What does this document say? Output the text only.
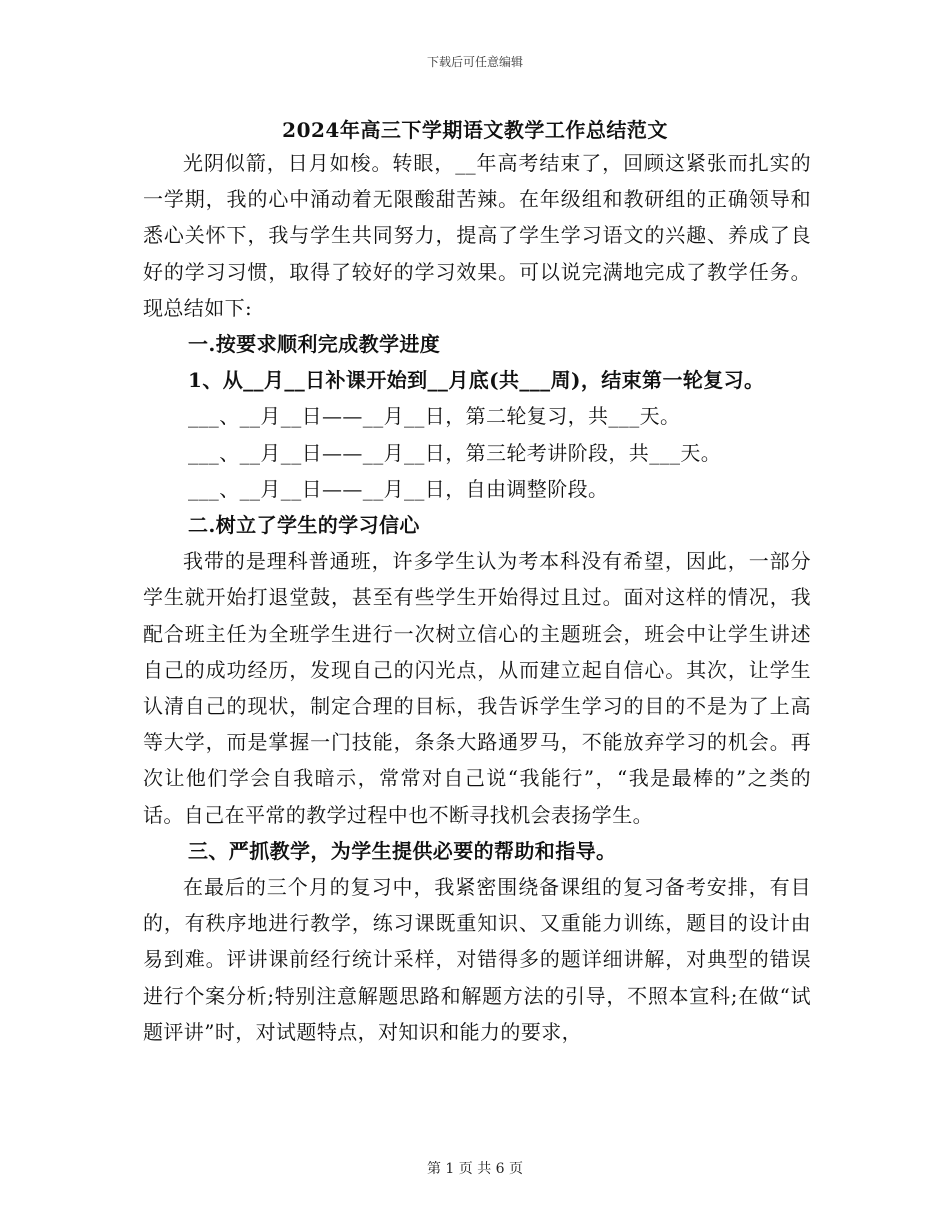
下载后可任意编辑
2024年高三下学期语文教学工作总结范文

光阴似箭，日月如梭。转眼，__年高考结束了，回顾这紧张而扎实的一学期，我的心中涌动着无限酸甜苦辣。在年级组和教研组的正确领导和悉心关怀下，我与学生共同努力，提高了学生学习语文的兴趣、养成了良好的学习习惯，取得了较好的学习效果。可以说完满地完成了教学任务。现总结如下:

一.按要求顺利完成教学进度

1、从__月__日补课开始到__月底(共___周)，结束第一轮复习。

___、__月__日——__月__日，第二轮复习，共___天。

___、__月__日——__月__日，第三轮考讲阶段，共___天。

___、__月__日——__月__日，自由调整阶段。

二.树立了学生的学习信心

我带的是理科普通班，许多学生认为考本科没有希望，因此，一部分学生就开始打退堂鼓，甚至有些学生开始得过且过。面对这样的情况，我配合班主任为全班学生进行一次树立信心的主题班会，班会中让学生讲述自己的成功经历，发现自己的闪光点，从而建立起自信心。其次，让学生认清自己的现状，制定合理的目标，我告诉学生学习的目的不是为了上高等大学，而是掌握一门技能，条条大路通罗马，不能放弃学习的机会。再次让他们学会自我暗示，常常对自己说“我能行”，“我是最棒的”之类的话。自己在平常的教学过程中也不断寻找机会表扬学生。

三、严抓教学，为学生提供必要的帮助和指导。

在最后的三个月的复习中，我紧密围绕备课组的复习备考安排，有目的，有秩序地进行教学，练习课既重知识、又重能力训练，题目的设计由易到难。评讲课前经行统计采样，对错得多的题详细讲解，对典型的错误进行个案分析;特别注意解题思路和解题方法的引导，不照本宣科;在做“试题评讲”时，对试题特点，对知识和能力的要求，

第 1 页 共 6 页
